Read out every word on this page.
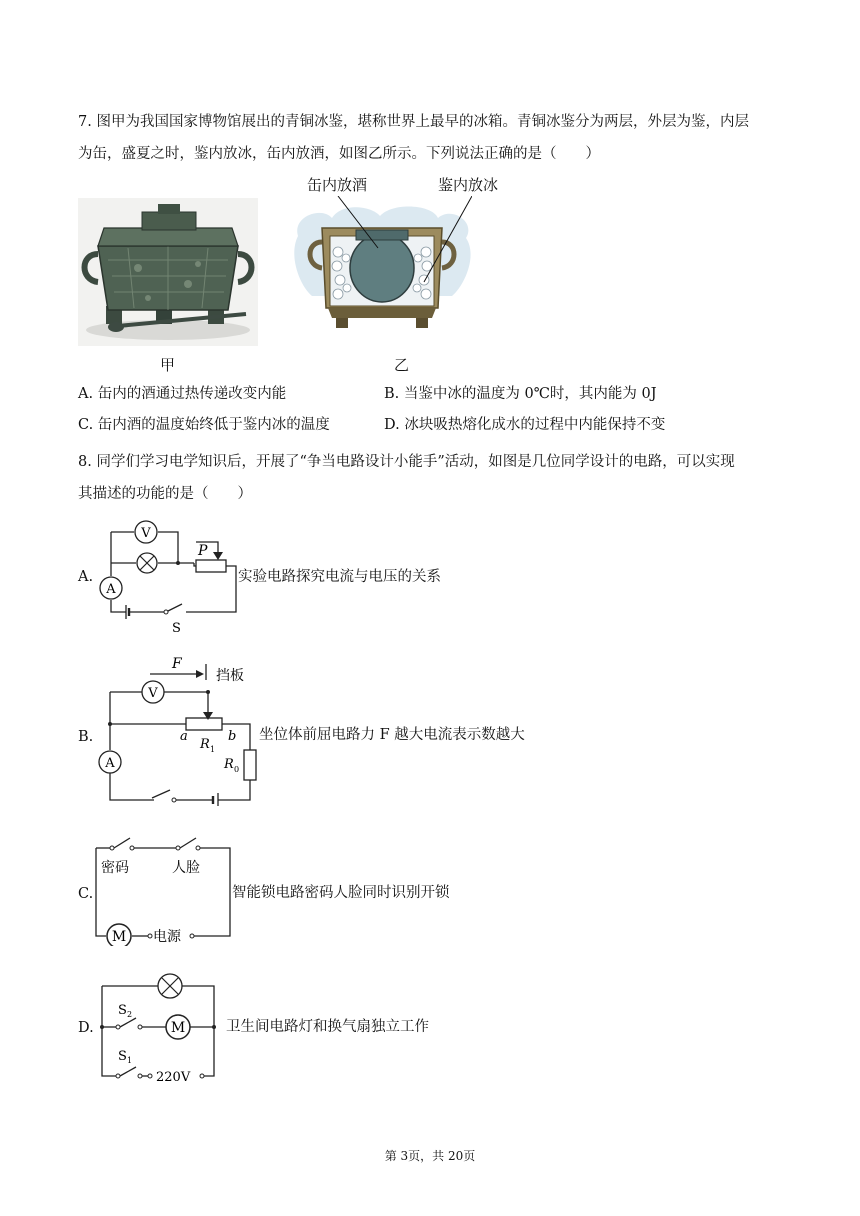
7. 图甲为我国国家博物馆展出的青铜冰鉴，堪称世界上最早的冰箱。青铜冰鉴分为两层，外层为鉴，内层
为缶，盛夏之时，鉴内放冰，缶内放酒，如图乙所示。下列说法正确的是（　　）
缶内放酒	鉴内放冰
甲	乙
A. 缶内的酒通过热传递改变内能	B. 当鉴中冰的温度为 0℃时，其内能为 0J
C. 缶内酒的温度始终低于鉴内冰的温度	D. 冰块吸热熔化成水的过程中内能保持不变
8. 同学们学习电学知识后，开展了“争当电路设计小能手”活动，如图是几位同学设计的电路，可以实现
其描述的功能的是（　　）
A.
V
A
P
S
实验电路探究电流与电压的关系
B.
V
A
F
挡板
a	b
R 1
R 0
坐位体前屈电路力 F 越大电流表示数越大
C.
M
密码	人脸
电源
智能锁电路密码人脸同时识别开锁
D.	M
S 2
S 1
220V
卫生间电路灯和换气扇独立工作
第 3页，共 20页
